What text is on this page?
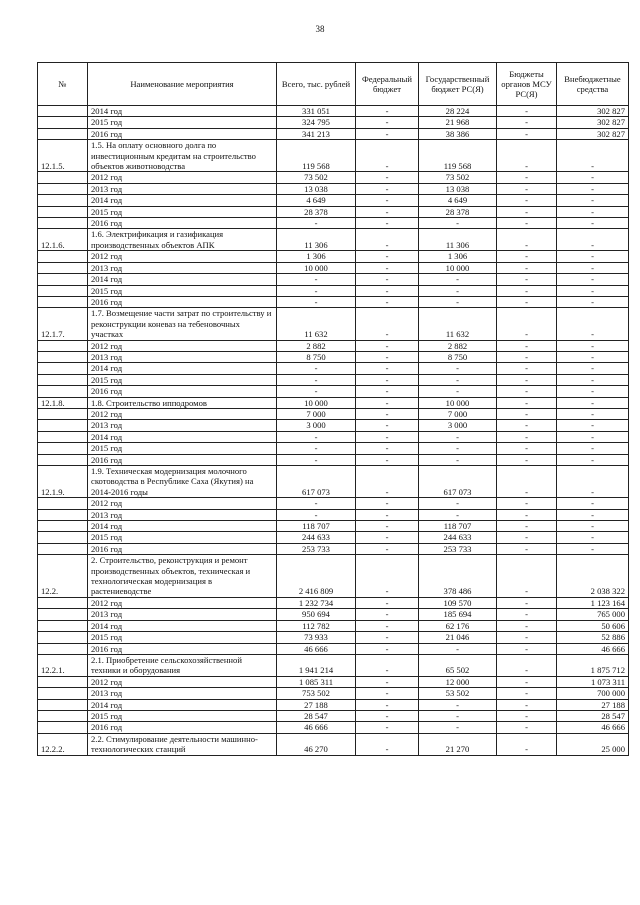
38
№	Наименование мероприятия	Всего, тыс. рублей	Федеральный бюджет	Государственный бюджет РС(Я)	Бюджеты органов МСУ РС(Я)	Внебюджетные средства
	2014 год	331 051	-	28 224	-	302 827
	2015 год	324 795	-	21 968	-	302 827
	2016 год	341 213	-	38 386	-	302 827
12.1.5.	1.5. На оплату основного долга по инвестиционным кредитам на строительство объектов животноводства	119 568	-	119 568	-	-
	2012 год	73 502	-	73 502	-	-
	2013 год	13 038	-	13 038	-	-
	2014 год	4 649	-	4 649	-	-
	2015 год	28 378	-	28 378	-	-
	2016 год	-	-	-	-	-
12.1.6.	1.6. Электрификация и газификация производственных объектов АПК	11 306	-	11 306	-	-
	2012 год	1 306	-	1 306	-	-
	2013 год	10 000	-	10 000	-	-
	2014 год	-	-	-	-	-
	2015 год	-	-	-	-	-
	2016 год	-	-	-	-	-
12.1.7.	1.7. Возмещение части затрат по строительству и реконструкции коневаз на тебеновочных участках	11 632	-	11 632	-	-
	2012 год	2 882	-	2 882	-	-
	2013 год	8 750	-	8 750	-	-
	2014 год	-	-	-	-	-
	2015 год	-	-	-	-	-
	2016 год	-	-	-	-	-
12.1.8.	1.8. Строительство ипподромов	10 000	-	10 000	-	-
	2012 год	7 000	-	7 000	-	-
	2013 год	3 000	-	3 000	-	-
	2014 год	-	-	-	-	-
	2015 год	-	-	-	-	-
	2016 год	-	-	-	-	-
12.1.9.	1.9. Техническая модернизация молочного скотоводства в Республике Саха (Якутия) на 2014-2016 годы	617 073	-	617 073	-	-
	2012 год	-	-	-	-	-
	2013 год	-	-	-	-	-
	2014 год	118 707	-	118 707	-	-
	2015 год	244 633	-	244 633	-	-
	2016 год	253 733	-	253 733	-	-
12.2.	2. Строительство, реконструкция и ремонт производственных объектов, техническая и технологическая модернизация в растениеводстве	2 416 809	-	378 486	-	2 038 322
	2012 год	1 232 734	-	109 570	-	1 123 164
	2013 год	950 694	-	185 694	-	765 000
	2014 год	112 782	-	62 176	-	50 606
	2015 год	73 933	-	21 046	-	52 886
	2016 год	46 666	-	-	-	46 666
12.2.1.	2.1. Приобретение сельскохозяйственной техники и оборудования	1 941 214	-	65 502	-	1 875 712
	2012 год	1 085 311	-	12 000	-	1 073 311
	2013 год	753 502	-	53 502	-	700 000
	2014 год	27 188	-	-	-	27 188
	2015 год	28 547	-	-	-	28 547
	2016 год	46 666	-	-	-	46 666
12.2.2.	2.2. Стимулирование деятельности машинно-технологических станций	46 270	-	21 270	-	25 000
